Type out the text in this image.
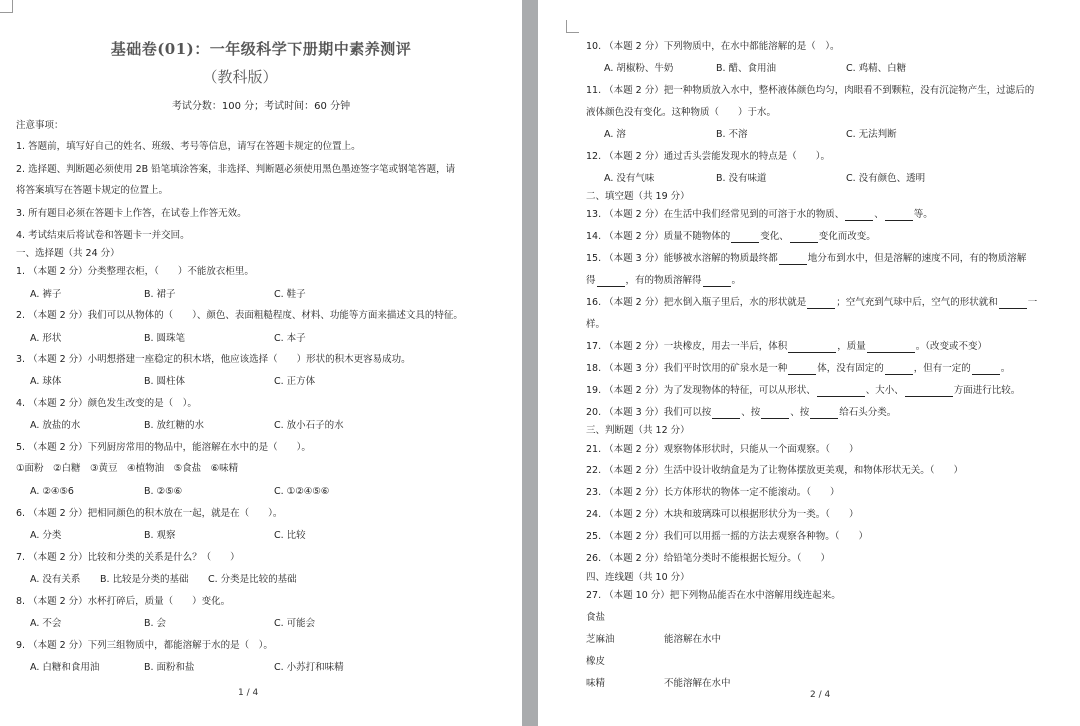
基础卷(01)：一年级科学下册期中素养测评
（教科版）
考试分数：100 分；考试时间：60 分钟
注意事项：
1. 答题前，填写好自己的姓名、班级、考号等信息，请写在答题卡规定的位置上。
2. 选择题、判断题必须使用 2B 铅笔填涂答案，非选择、判断题必须使用黑色墨迹签字笔或钢笔答题，请
将答案填写在答题卡规定的位置上。
3. 所有题目必须在答题卡上作答，在试卷上作答无效。
4. 考试结束后将试卷和答题卡一并交回。
一、选择题（共 24 分）
1. （本题 2 分）分类整理衣柜，（　　）不能放衣柜里。
A. 裤子	B. 裙子	C. 鞋子
2. （本题 2 分）我们可以从物体的（　　）、颜色、表面粗糙程度、材料、功能等方面来描述文具的特征。
A. 形状	B. 圆珠笔	C. 本子
3. （本题 2 分）小明想搭建一座稳定的积木塔，他应该选择（　　）形状的积木更容易成功。
A. 球体	B. 圆柱体	C. 正方体
4. （本题 2 分）颜色发生改变的是（　）。
A. 放盐的水	B. 放红糖的水	C. 放小石子的水
5. （本题 2 分）下列厨房常用的物品中，能溶解在水中的是（　　）。
①面粉　②白糖　③黄豆　④植物油　⑤食盐　⑥味精
A. ②④⑤6	B. ②⑤⑥	C. ①②④⑤⑥
6. （本题 2 分）把相同颜色的积木放在一起，就是在（　　）。
A. 分类	B. 观察	C. 比较
7. （本题 2 分）比较和分类的关系是什么？（　　）
A. 没有关系 B. 比较是分类的基础 C. 分类是比较的基础
8. （本题 2 分）水杯打碎后，质量（　　）变化。
A. 不会	B. 会	C. 可能会
9. （本题 2 分）下列三组物质中，都能溶解于水的是（　）。
A. 白糖和食用油	B. 面粉和盐	C. 小苏打和味精
1 / 4
10. （本题 2 分）下列物质中，在水中都能溶解的是（　）。
A. 胡椒粉、牛奶	B. 醋、食用油	C. 鸡精、白糖
11. （本题 2 分）把一种物质放入水中，整杯液体颜色均匀，肉眼看不到颗粒，没有沉淀物产生，过滤后的
液体颜色没有变化。这种物质（　　）于水。
A. 溶	B. 不溶	C. 无法判断
12. （本题 2 分）通过舌头尝能发现水的特点是（　　）。
A. 没有气味	B. 没有味道	C. 没有颜色、透明
二、填空题（共 19 分）
13. （本题 2 分）在生活中我们经常见到的可溶于水的物质、	、	等。
14. （本题 2 分）质量不随物体的	变化、	变化而改变。
15. （本题 3 分）能够被水溶解的物质最终都	地分布到水中，但是溶解的速度不同，有的物质溶解
得	，有的物质溶解得	。
16. （本题 2 分）把水倒入瓶子里后，水的形状就是	；空气充到气球中后，空气的形状就和	一
样。
17. （本题 2 分）一块橡皮，用去一半后，体积	，质量	。（改变或不变）
18. （本题 3 分）我们平时饮用的矿泉水是一种	体，没有固定的	，但有一定的	。
19. （本题 2 分）为了发现物体的特征，可以从形状、	、大小、	方面进行比较。
20. （本题 3 分）我们可以按	、按	、按	给石头分类。
三、判断题（共 12 分）
21. （本题 2 分）观察物体形状时，只能从一个面观察。（　　）
22. （本题 2 分）生活中设计收纳盒是为了让物体摆放更美观，和物体形状无关。（　　）
23. （本题 2 分）长方体形状的物体一定不能滚动。（　　）
24. （本题 2 分）木块和玻璃珠可以根据形状分为一类。（　　）
25. （本题 2 分）我们可以用摇一摇的方法去观察各种物。（　　）
26. （本题 2 分）给铅笔分类时不能根据长短分。（　　）
四、连线题（共 10 分）
27. （本题 10 分）把下列物品能否在水中溶解用线连起来。
食盐
芝麻油	能溶解在水中
橡皮
味精	不能溶解在水中
2 / 4
